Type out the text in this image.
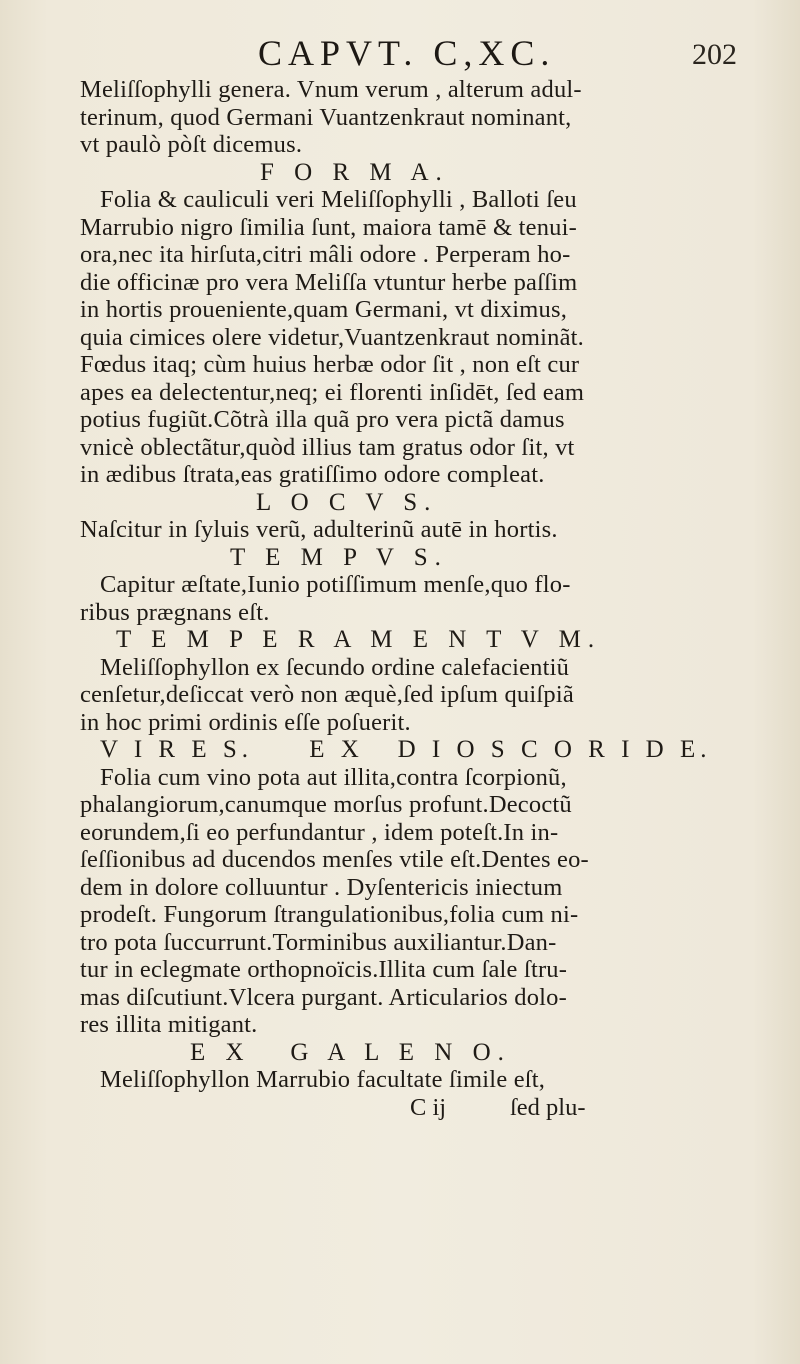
CAPVT. C,XC.	202
Meliſſophylli genera. Vnum verum , alterum adul-
terinum, quod Germani Vuantzenkraut nominant,
vt paulò pòſt dicemus.
F O R M A.
Folia & cauliculi veri Meliſſophylli , Balloti ſeu
Marrubio nigro ſimilia ſunt, maiora tamē & tenui-
ora,nec ita hirſuta,citri mâli odore . Perperam ho-
die officinæ pro vera Meliſſa vtuntur herbe paſſim
in hortis proueniente,quam Germani, vt diximus,
quia cimices olere videtur,Vuantzenkraut nominãt.
Fœdus itaq; cùm huius herbæ odor ſit , non eſt cur
apes ea delectentur,neq; ei florenti inſidēt, ſed eam
potius fugiũt.Cõtrà illa quã pro vera pictã damus
vnicè oblectãtur,quòd illius tam gratus odor ſit, vt
in ædibus ſtrata,eas gratiſſimo odore compleat.
L O C V S.
Naſcitur in ſyluis verũ, adulterinũ autē in hortis.
T E M P V S.
Capitur æſtate,Iunio potiſſimum menſe,quo flo-
ribus prægnans eſt.
T E M P E R A M E N T V M.
Meliſſophyllon ex ſecundo ordine calefacientiũ
cenſetur,deſiccat verò non æquè,ſed ipſum quiſpiã
in hoc primi ordinis eſſe poſuerit.
V I R E S.     E X   D I O S C O R I D E.
Folia cum vino pota aut illita,contra ſcorpionũ,
phalangiorum,canumque morſus profunt.Decoctũ
eorundem,ſi eo perfundantur , idem poteſt.In in-
ſeſſionibus ad ducendos menſes vtile eſt.Dentes eo-
dem in dolore colluuntur . Dyſentericis iniectum
prodeſt. Fungorum ſtrangulationibus,folia cum ni-
tro pota ſuccurrunt.Torminibus auxiliantur.Dan-
tur in eclegmate orthopnoïcis.Illita cum ſale ſtru-
mas diſcutiunt.Vlcera purgant. Articularios dolo-
res illita mitigant.
E X   G A L E N O.
Meliſſophyllon Marrubio facultate ſimile eſt,
C ij	ſed plu-
